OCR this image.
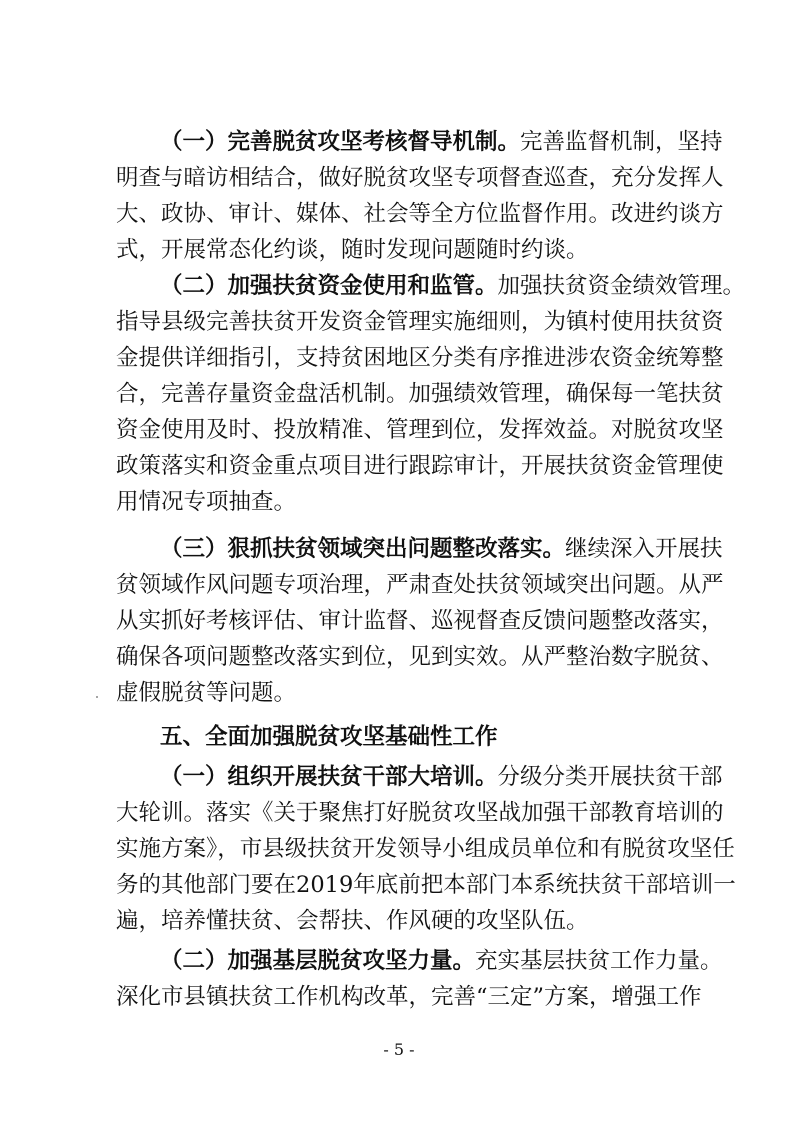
（一）完善脱贫攻坚考核督导机制。完善监督机制，坚持
明查与暗访相结合，做好脱贫攻坚专项督查巡查，充分发挥人
大、政协、审计、媒体、社会等全方位监督作用。改进约谈方
式，开展常态化约谈，随时发现问题随时约谈。
（二）加强扶贫资金使用和监管。加强扶贫资金绩效管理。
指导县级完善扶贫开发资金管理实施细则，为镇村使用扶贫资
金提供详细指引，支持贫困地区分类有序推进涉农资金统筹整
合，完善存量资金盘活机制。加强绩效管理，确保每一笔扶贫
资金使用及时、投放精准、管理到位，发挥效益。对脱贫攻坚
政策落实和资金重点项目进行跟踪审计，开展扶贫资金管理使
用情况专项抽查。
（三）狠抓扶贫领域突出问题整改落实。继续深入开展扶
贫领域作风问题专项治理，严肃查处扶贫领域突出问题。从严
从实抓好考核评估、审计监督、巡视督查反馈问题整改落实，
确保各项问题整改落实到位，见到实效。从严整治数字脱贫、
虚假脱贫等问题。
五、全面加强脱贫攻坚基础性工作
（一）组织开展扶贫干部大培训。分级分类开展扶贫干部
大轮训。落实《关于聚焦打好脱贫攻坚战加强干部教育培训的
实施方案》，市县级扶贫开发领导小组成员单位和有脱贫攻坚任
务的其他部门要在2019年底前把本部门本系统扶贫干部培训一
遍，培养懂扶贫、会帮扶、作风硬的攻坚队伍。
（二）加强基层脱贫攻坚力量。充实基层扶贫工作力量。
深化市县镇扶贫工作机构改革，完善“三定”方案，增强工作
- 5 -
